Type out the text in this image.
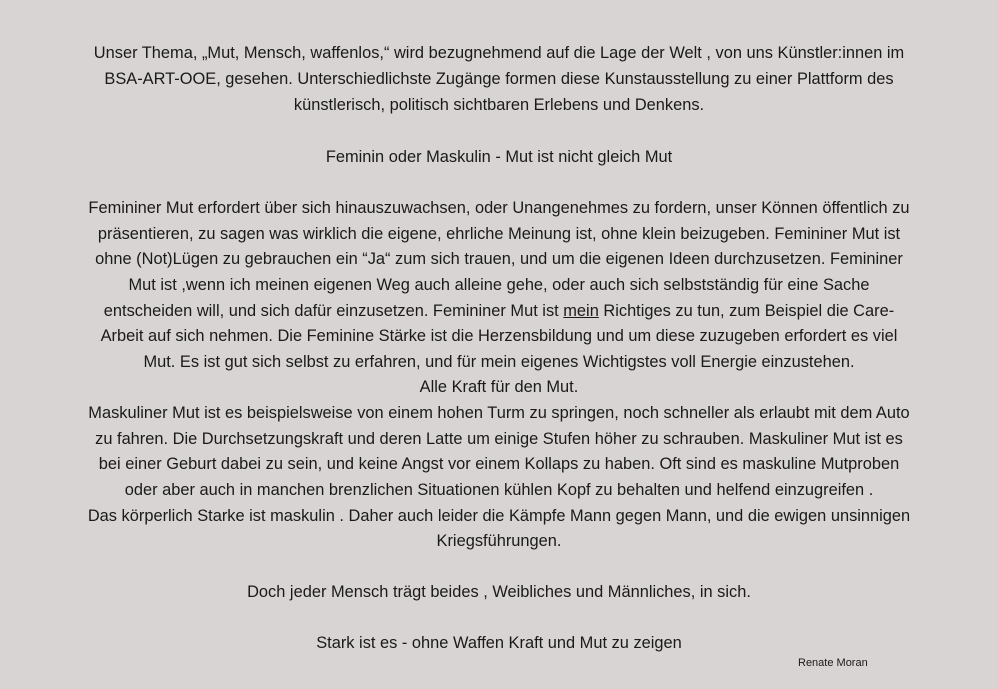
Unser Thema, „Mut, Mensch, waffenlos,“ wird bezugnehmend auf die Lage der Welt , von uns Künstler:innen im
BSA-ART-OOE, gesehen. Unterschiedlichste Zugänge formen diese Kunstausstellung zu einer Plattform des
künstlerisch, politisch sichtbaren Erlebens und Denkens.
Feminin oder Maskulin - Mut ist nicht gleich Mut
Femininer Mut erfordert über sich hinauszuwachsen, oder Unangenehmes zu fordern, unser Können öffentlich zu
präsentieren, zu sagen was wirklich die eigene, ehrliche Meinung ist, ohne klein beizugeben. Femininer Mut ist
ohne (Not)Lügen zu gebrauchen ein “Ja“ zum sich trauen, und um die eigenen Ideen durchzusetzen. Femininer
Mut ist ,wenn ich meinen eigenen Weg auch alleine gehe, oder auch sich selbstständig für eine Sache
entscheiden will, und sich dafür einzusetzen. Femininer Mut ist mein Richtiges zu tun, zum Beispiel die Care-
Arbeit auf sich nehmen. Die Feminine Stärke ist die Herzensbildung und um diese zuzugeben erfordert es viel
Mut. Es ist gut sich selbst zu erfahren, und für mein eigenes Wichtigstes voll Energie einzustehen.
Alle Kraft für den Mut.
Maskuliner Mut ist es beispielsweise von einem hohen Turm zu springen, noch schneller als erlaubt mit dem Auto
zu fahren. Die Durchsetzungskraft und deren Latte um einige Stufen höher zu schrauben. Maskuliner Mut ist es
bei einer Geburt dabei zu sein, und keine Angst vor einem Kollaps zu haben. Oft sind es maskuline Mutproben
oder aber auch in manchen brenzlichen Situationen kühlen Kopf zu behalten und helfend einzugreifen .
Das körperlich Starke ist maskulin . Daher auch leider die Kämpfe Mann gegen Mann, und die ewigen unsinnigen
Kriegsführungen.
Doch jeder Mensch trägt beides , Weibliches und Männliches, in sich.
Stark ist es - ohne Waffen Kraft und Mut zu zeigen
Renate Moran
